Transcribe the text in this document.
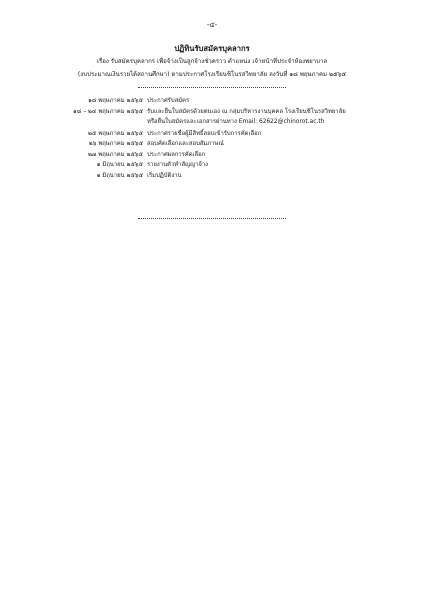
-๔-
ปฏิทินรับสมัครบุคลากร
เรื่อง รับสมัครบุคลากร เพื่อจ้างเป็นลูกจ้างชั่วคราว ตำแหน่ง เจ้าหน้าที่ประจำห้องพยาบาล
(งบประมาณเงินรายได้สถานศึกษา) ตามประกาศโรงเรียนชิโนรสวิทยาลัย ลงวันที่ ๑๘ พฤษภาคม ๒๕๖๕
๑๘ พฤษภาคม ๒๕๖๕ ประกาศรับสมัคร
๑๘ – ๒๔ พฤษภาคม ๒๕๖๕ รับและยื่นใบสมัครด้วยตนเอง ณ กลุ่มบริหารงานบุคคล โรงเรียนชิโนรสวิทยาลัย
หรือยื่นใบสมัครและเอกสารผ่านทาง Email: 62622@chinorot.ac.th
๒๕ พฤษภาคม ๒๕๖๕ ประกาศรายชื่อผู้มีสิทธิ์สอบเข้ารับการคัดเลือก
๒๖ พฤษภาคม ๒๕๖๕ สอบคัดเลือกและสอบสัมภาษณ์
๒๗ พฤษภาคม ๒๕๖๕ ประกาศผลการคัดเลือก
๑ มิถุนายน ๒๕๖๕ รายงานตัวทำสัญญาจ้าง
๑ มิถุนายน ๒๕๖๕ เริ่มปฏิบัติงาน
